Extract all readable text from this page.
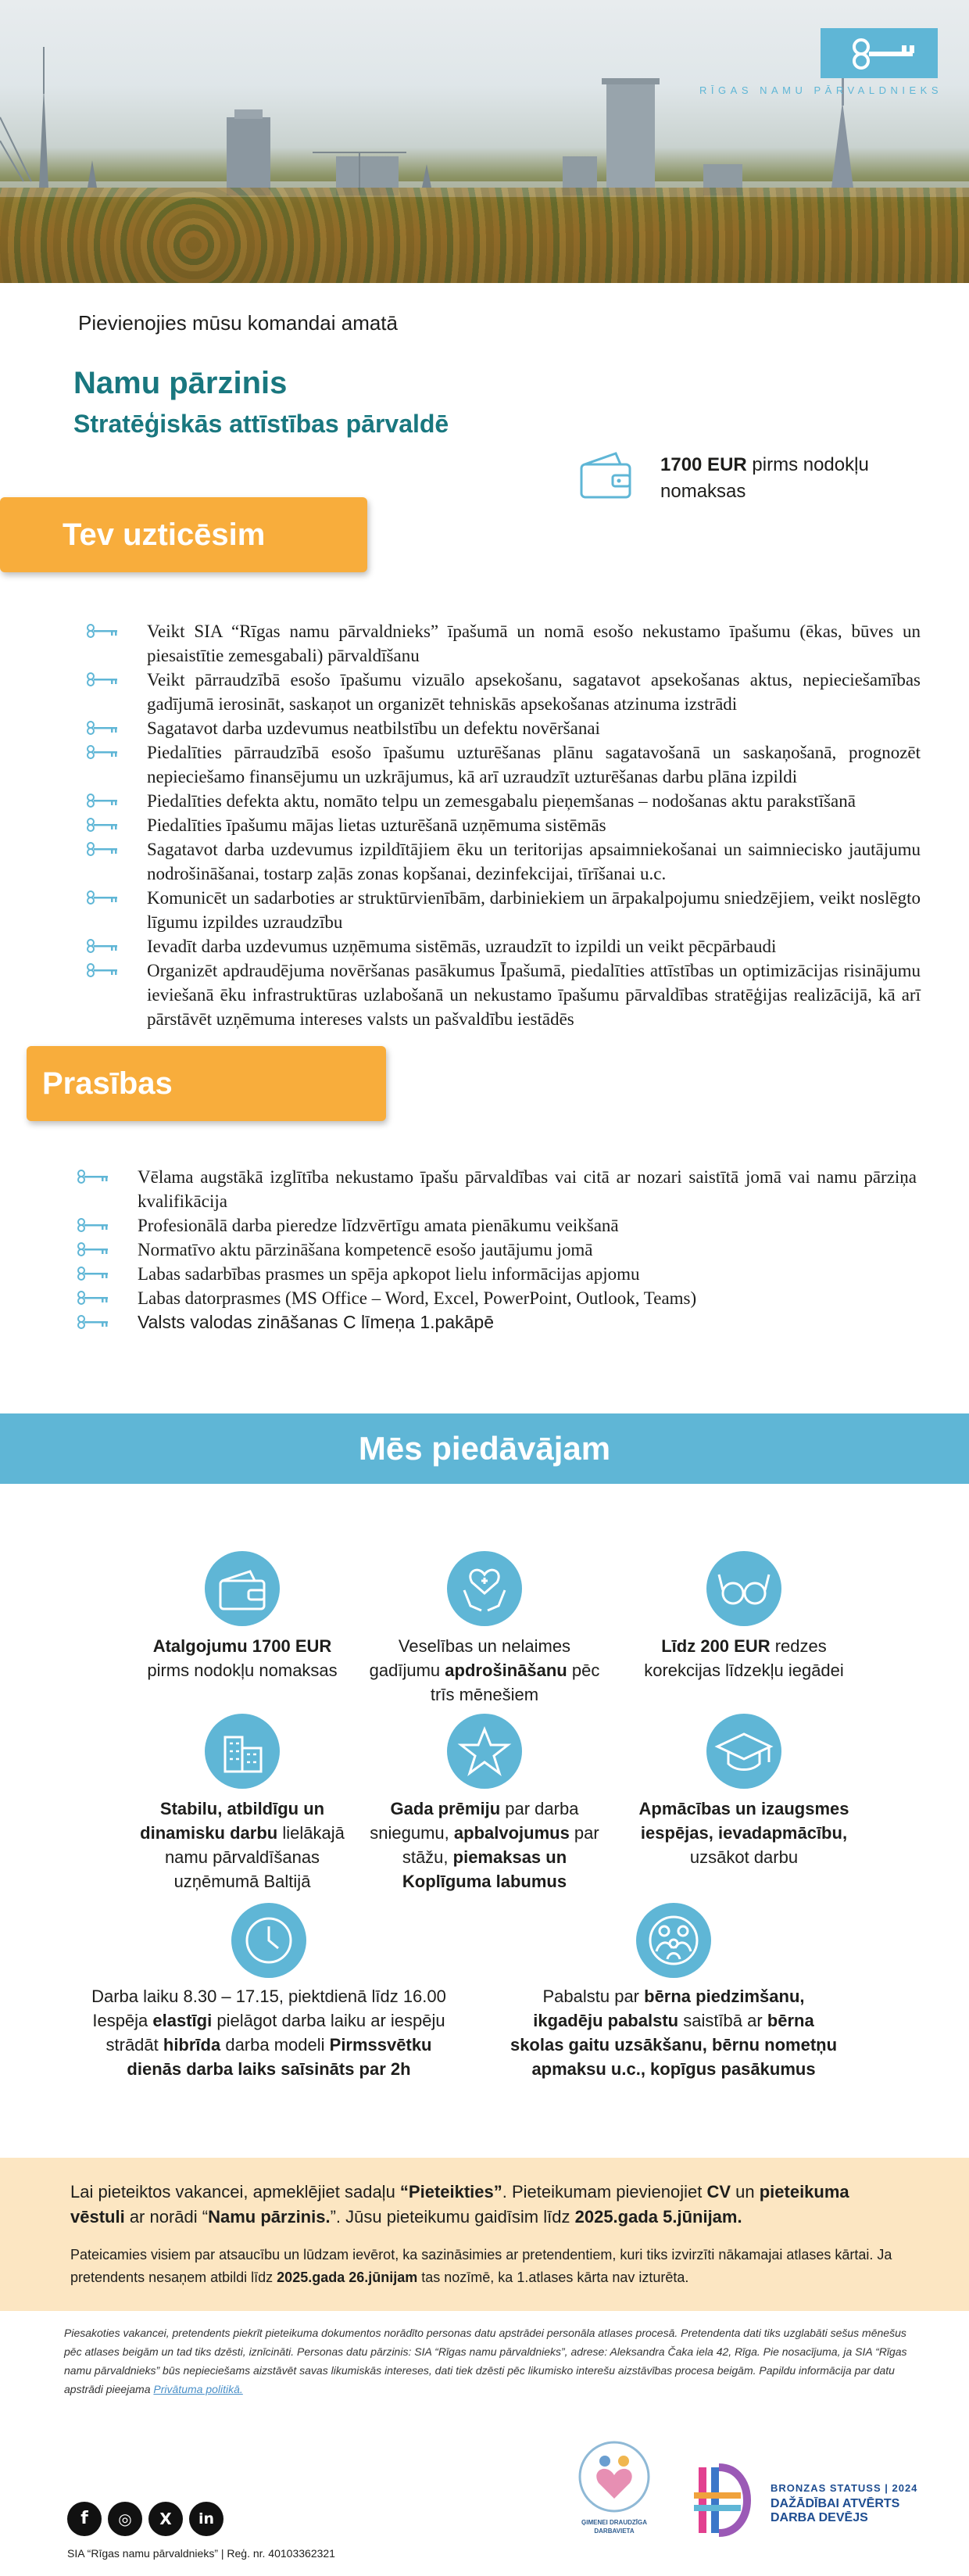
RĪGAS NAMU PĀRVALDNIEKS
Pievienojies mūsu komandai amatā
Namu pārzinis
Stratēģiskās attīstības pārvaldē
1700 EUR pirms nodokļu nomaksas
Tev uzticēsim
Veikt SIA “Rīgas namu pārvaldnieks” īpašumā un nomā esošo nekustamo īpašumu (ēkas, būves un piesaistītie zemesgabali) pārvaldīšanu
Veikt pārraudzībā esošo īpašumu vizuālo apsekošanu, sagatavot apsekošanas aktus, nepieciešamības gadījumā ierosināt, saskaņot un organizēt tehniskās apsekošanas atzinuma izstrādi
Sagatavot darba uzdevumus neatbilstību un defektu novēršanai
Piedalīties pārraudzībā esošo īpašumu uzturēšanas plānu sagatavošanā un saskaņošanā, prognozēt nepieciešamo finansējumu un uzkrājumus, kā arī uzraudzīt uzturēšanas darbu plāna izpildi
Piedalīties defekta aktu, nomāto telpu un zemesgabalu pieņemšanas – nodošanas aktu parakstīšanā
Piedalīties īpašumu mājas lietas uzturēšanā uzņēmuma sistēmās
Sagatavot darba uzdevumus izpildītājiem ēku un teritorijas apsaimniekošanai un saimniecisko jautājumu nodrošināšanai, tostarp zaļās zonas kopšanai, dezinfekcijai, tīrīšanai u.c.
Komunicēt un sadarboties ar struktūrvienībām, darbiniekiem un ārpakalpojumu sniedzējiem, veikt noslēgto līgumu izpildes uzraudzību
Ievadīt darba uzdevumus uzņēmuma sistēmās, uzraudzīt to izpildi un veikt pēcpārbaudi
Organizēt apdraudējuma novēršanas pasākumus Īpašumā, piedalīties attīstības un optimizācijas risinājumu ieviešanā ēku infrastruktūras uzlabošanā un nekustamo īpašumu pārvaldības stratēģijas realizācijā, kā arī pārstāvēt uzņēmuma intereses valsts un pašvaldību iestādēs
Prasības
Vēlama augstākā izglītība nekustamo īpašu pārvaldības vai citā ar nozari saistītā jomā vai namu pārziņa kvalifikācija
Profesionālā darba pieredze līdzvērtīgu amata pienākumu veikšanā
Normatīvo aktu pārzināšana kompetencē esošo jautājumu jomā
Labas sadarbības prasmes un spēja apkopot lielu informācijas apjomu
Labas datorprasmes (MS Office – Word, Excel, PowerPoint, Outlook, Teams)
Valsts valodas zināšanas C līmeņa 1.pakāpē
Mēs piedāvājam
Atalgojumu 1700 EUR
pirms nodokļu nomaksas
Veselības un nelaimes gadījumu apdrošināšanu pēc trīs mēnešiem
Līdz 200 EUR redzes korekcijas līdzekļu iegādei
Stabilu, atbildīgu un dinamisku darbu lielākajā namu pārvaldīšanas uzņēmumā Baltijā
Gada prēmiju par darba sniegumu, apbalvojumus par stāžu, piemaksas un Koplīguma labumus
Apmācības un izaugsmes iespējas, ievadapmācību, uzsākot darbu
Darba laiku 8.30 – 17.15, piektdienā līdz 16.00 Iespēja elastīgi pielāgot darba laiku ar iespēju strādāt hibrīda darba modeli Pirmssvētku dienās darba laiks saīsināts par 2h
Pabalstu par bērna piedzimšanu, ikgadēju pabalstu saistībā ar bērna skolas gaitu uzsākšanu, bērnu nometņu apmaksu u.c., kopīgus pasākumus

Lai pieteiktos vakancei, apmeklējiet sadaļu “Pieteikties”. Pieteikumam pievienojiet CV un pieteikuma vēstuli ar norādi “Namu pārzinis.”. Jūsu pieteikumu gaidīsim līdz 2025.gada 5.jūnijam.

Pateicamies visiem par atsaucību un lūdzam ievērot, ka sazināsimies ar pretendentiem, kuri tiks izvirzīti nākamajai atlases kārtai. Ja pretendents nesaņem atbildi līdz 2025.gada 26.jūnijam tas nozīmē, ka 1.atlases kārta nav izturēta.

Piesakoties vakancei, pretendents piekrīt pieteikuma dokumentos norādīto personas datu apstrādei personāla atlases procesā. Pretendenta dati tiks uzglabāti sešus mēnešus pēc atlases beigām un tad tiks dzēsti, iznīcināti. Personas datu pārzinis: SIA “Rīgas namu pārvaldnieks”, adrese: Aleksandra Čaka iela 42, Rīga. Pie nosacījuma, ja SIA “Rīgas namu pārvaldnieks” būs nepieciešams aizstāvēt savas likumiskās intereses, dati tiek dzēsti pēc likumisko interešu aizstāvības procesa beigām. Papildu informācija par datu apstrādi pieejama Privātuma politikā.
f	◎	X	in
SIA “Rīgas namu pārvaldnieks” | Reģ. nr. 40103362321
ĢIMENEI DRAUDZĪGA DARBAVIETA
BRONZAS STATUSS | 2024
DAŽĀDĪBAI ATVĒRTS
DARBA DEVĒJS
